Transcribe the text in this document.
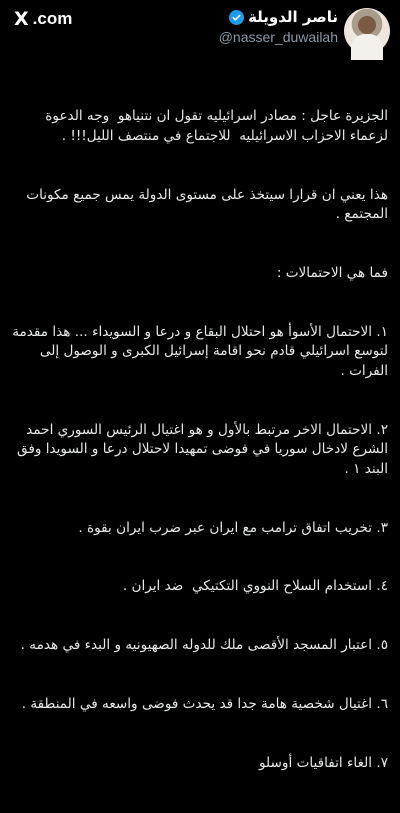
X .com	ناصر الدويلة
@nasser_duwailah

الجزيرة عاجل : مصادر اسرائيليه تقول ان نتنياهو  وجه الدعوة لزعماء الاحزاب الاسرائيليه  للاجتماع في منتصف الليل!!! .

هذا يعني ان قرارا سيتخذ على مستوى الدولة يمس جميع مكونات المجتمع .

فما هي الاحتمالات :

١. الاحتمال الأسوأ هو احتلال البقاع و درعا و السويداء ... هذا مقدمة لتوسع اسرائيلي قادم نحو اقامة إسرائيل الكبرى و الوصول إلى الفرات .

٢. الاحتمال الاخر مرتبط بالأول و هو اغتيال الرئيس السوري احمد الشرع لادخال سوريا في فوضى تمهيدا لاحتلال درعا و السويدا وفق البند ١ .

٣. تخريب اتفاق ترامب مع ايران عبر ضرب ايران بقوة .

٤. استخدام السلاح النووي التكتيكي  ضد ايران .

٥. اعتبار المسجد الأقصى ملك للدوله الصهيونيه و البدء في هدمه .

٦. اغتيال شخصية هامة جدا قد يحدث فوضى واسعه في المنطقة .

٧. الغاء اتفاقيات أوسلو
